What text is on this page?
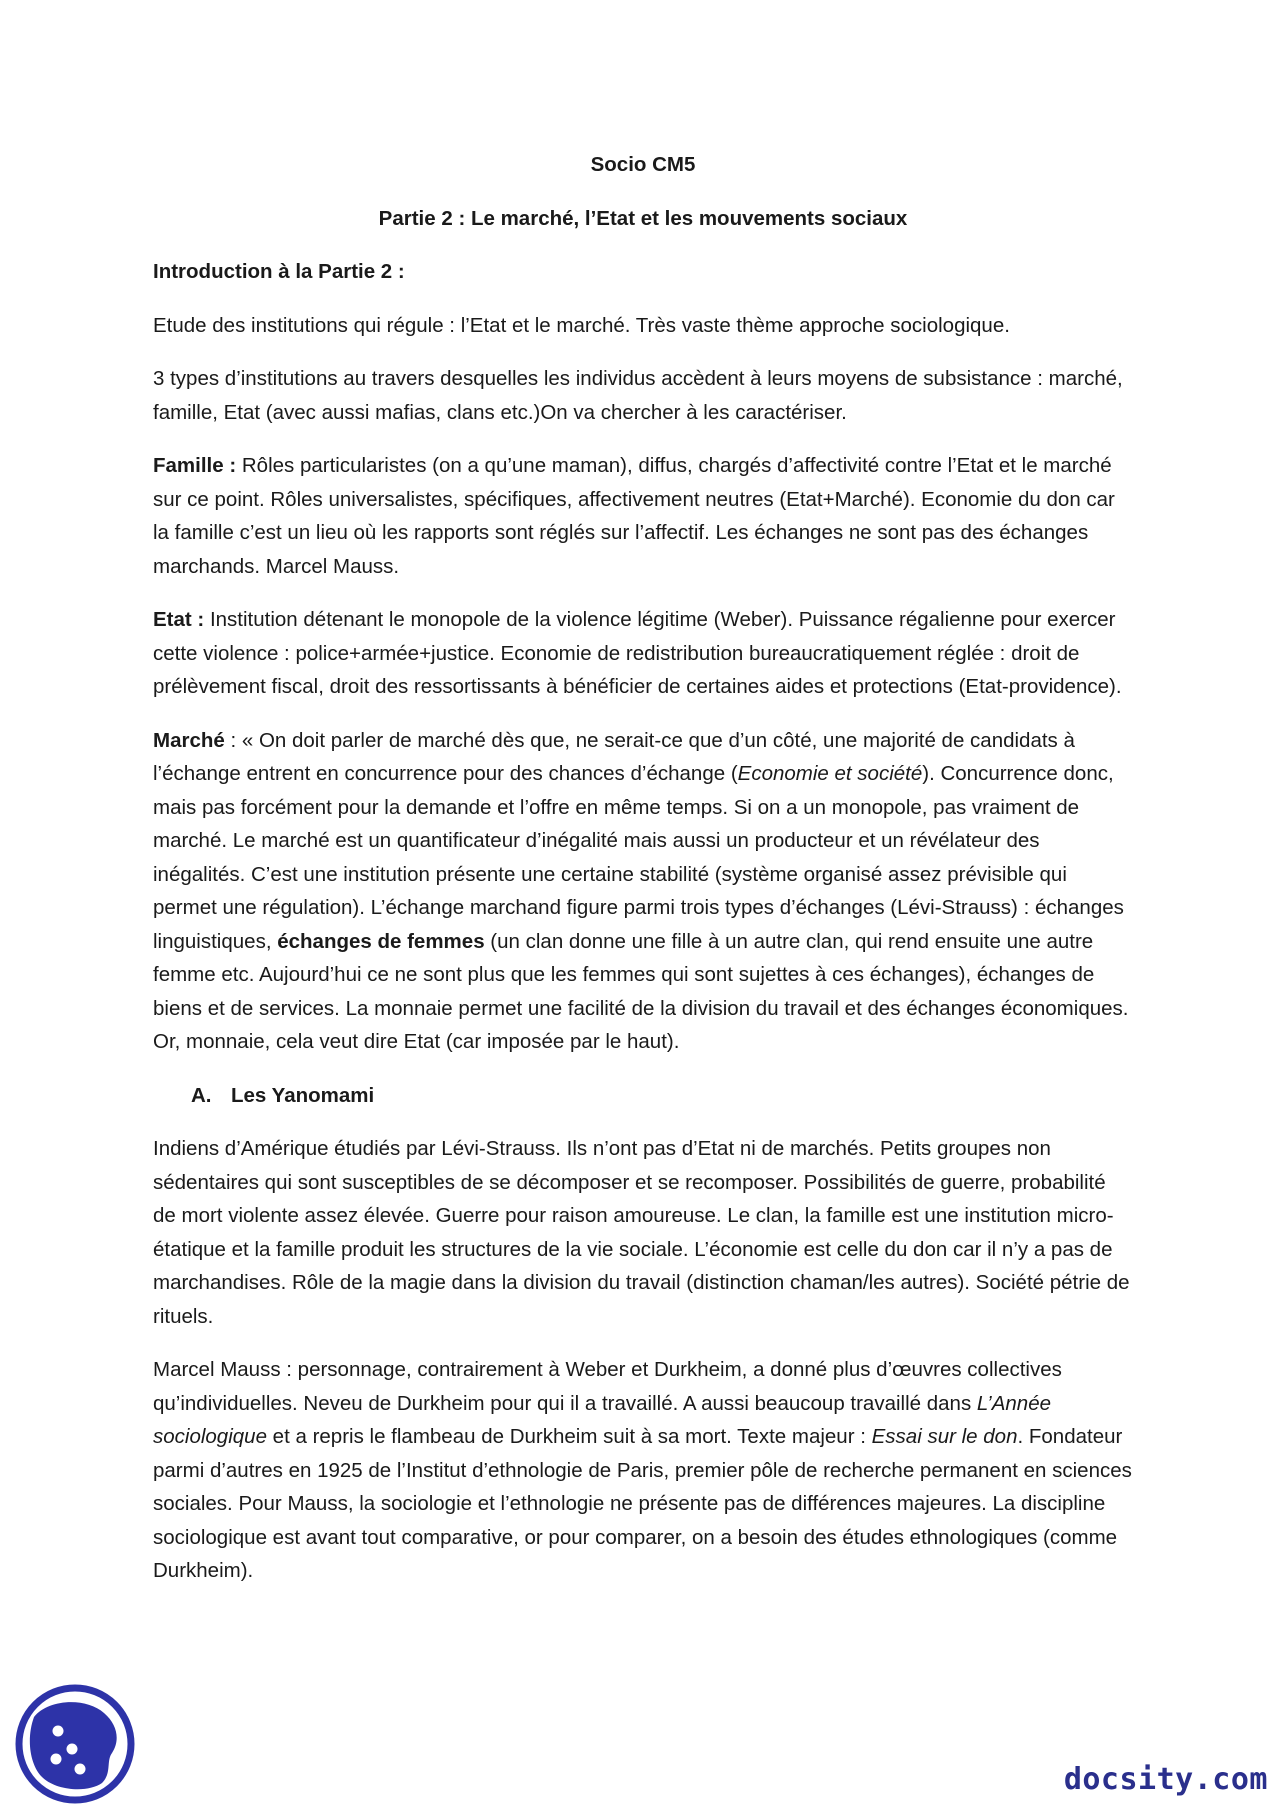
Socio CM5
Partie 2 : Le marché, l’Etat et les mouvements sociaux
Introduction à la Partie 2 :

Etude des institutions qui régule : l’Etat et le marché. Très vaste thème approche sociologique.

3 types d’institutions au travers desquelles les individus accèdent à leurs moyens de subsistance : marché, famille, Etat (avec aussi mafias, clans etc.)On va chercher à les caractériser.

Famille : Rôles particularistes (on a qu’une maman), diffus, chargés d’affectivité contre l’Etat et le marché sur ce point. Rôles universalistes, spécifiques, affectivement neutres (Etat+Marché). Economie du don car la famille c’est un lieu où les rapports sont réglés sur l’affectif. Les échanges ne sont pas des échanges marchands. Marcel Mauss.

Etat : Institution détenant le monopole de la violence légitime (Weber). Puissance régalienne pour exercer cette violence : police+armée+justice. Economie de redistribution bureaucratiquement réglée : droit de prélèvement fiscal, droit des ressortissants à bénéficier de certaines aides et protections (Etat-providence).

Marché : « On doit parler de marché dès que, ne serait-ce que d’un côté, une majorité de candidats à l’échange entrent en concurrence pour des chances d’échange (Economie et société). Concurrence donc, mais pas forcément pour la demande et l’offre en même temps. Si on a un monopole, pas vraiment de marché. Le marché est un quantificateur d’inégalité mais aussi un producteur et un révélateur des inégalités. C’est une institution présente une certaine stabilité (système organisé assez prévisible qui permet une régulation). L’échange marchand figure parmi trois types d’échanges (Lévi-Strauss) : échanges linguistiques, échanges de femmes (un clan donne une fille à un autre clan, qui rend ensuite une autre femme etc. Aujourd’hui ce ne sont plus que les femmes qui sont sujettes à ces échanges), échanges de biens et de services. La monnaie permet une facilité de la division du travail et des échanges économiques. Or, monnaie, cela veut dire Etat (car imposée par le haut).

A. Les Yanomami

Indiens d’Amérique étudiés par Lévi-Strauss. Ils n’ont pas d’Etat ni de marchés. Petits groupes non sédentaires qui sont susceptibles de se décomposer et se recomposer. Possibilités de guerre, probabilité de mort violente assez élevée. Guerre pour raison amoureuse. Le clan, la famille est une institution micro-étatique et la famille produit les structures de la vie sociale. L’économie est celle du don car il n’y a pas de marchandises. Rôle de la magie dans la division du travail (distinction chaman/les autres). Société pétrie de rituels.

Marcel Mauss : personnage, contrairement à Weber et Durkheim, a donné plus d’œuvres collectives qu’individuelles. Neveu de Durkheim pour qui il a travaillé. A aussi beaucoup travaillé dans L’Année sociologique et a repris le flambeau de Durkheim suit à sa mort. Texte majeur : Essai sur le don. Fondateur parmi d’autres en 1925 de l’Institut d’ethnologie de Paris, premier pôle de recherche permanent en sciences sociales. Pour Mauss, la sociologie et l’ethnologie ne présente pas de différences majeures. La discipline sociologique est avant tout comparative, or pour comparer, on a besoin des études ethnologiques (comme Durkheim).

docsity.com
